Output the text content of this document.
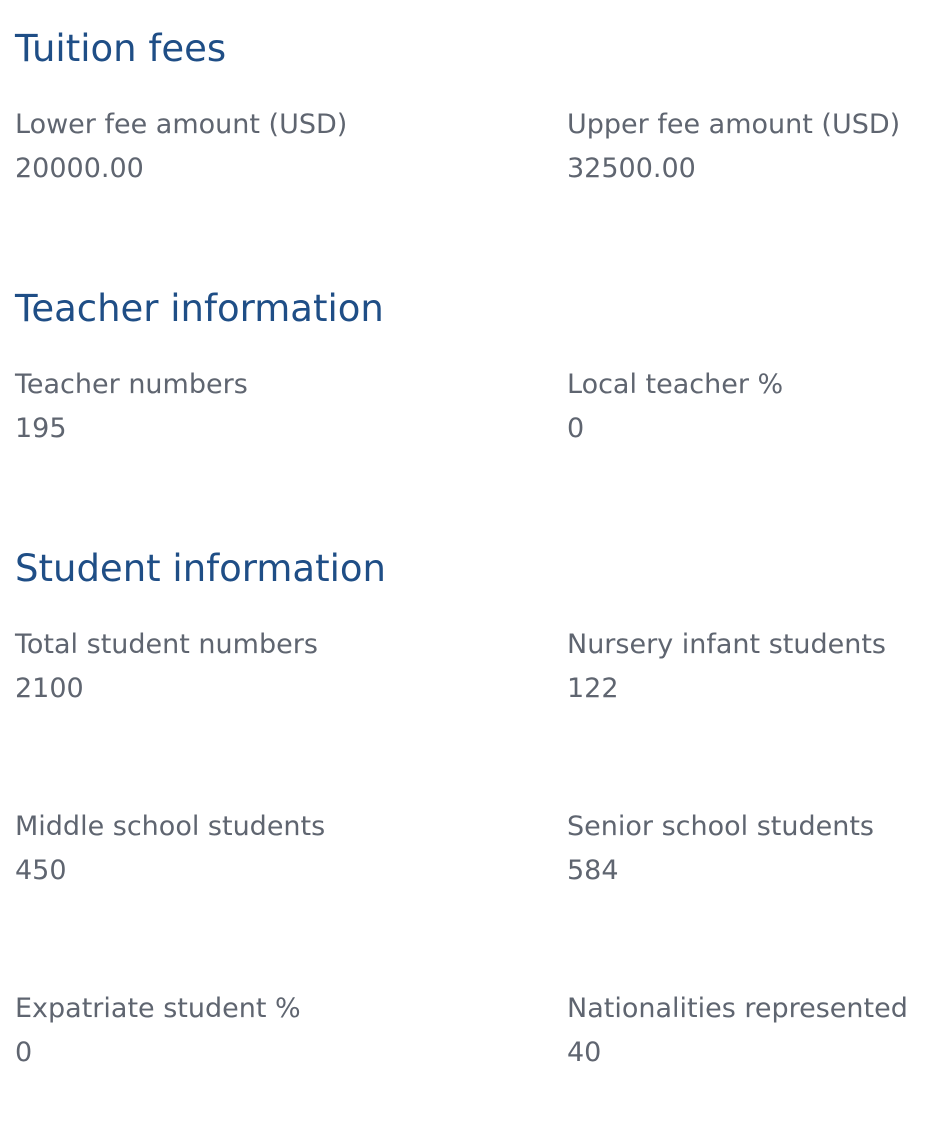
Tuition fees
Lower fee amount (USD)
20000.00
Upper fee amount (USD)
32500.00
Teacher information
Teacher numbers
195
Local teacher %
0
Student information
Total student numbers
2100
Nursery infant students
122
Middle school students
450
Senior school students
584
Expatriate student %
0
Nationalities represented
40
